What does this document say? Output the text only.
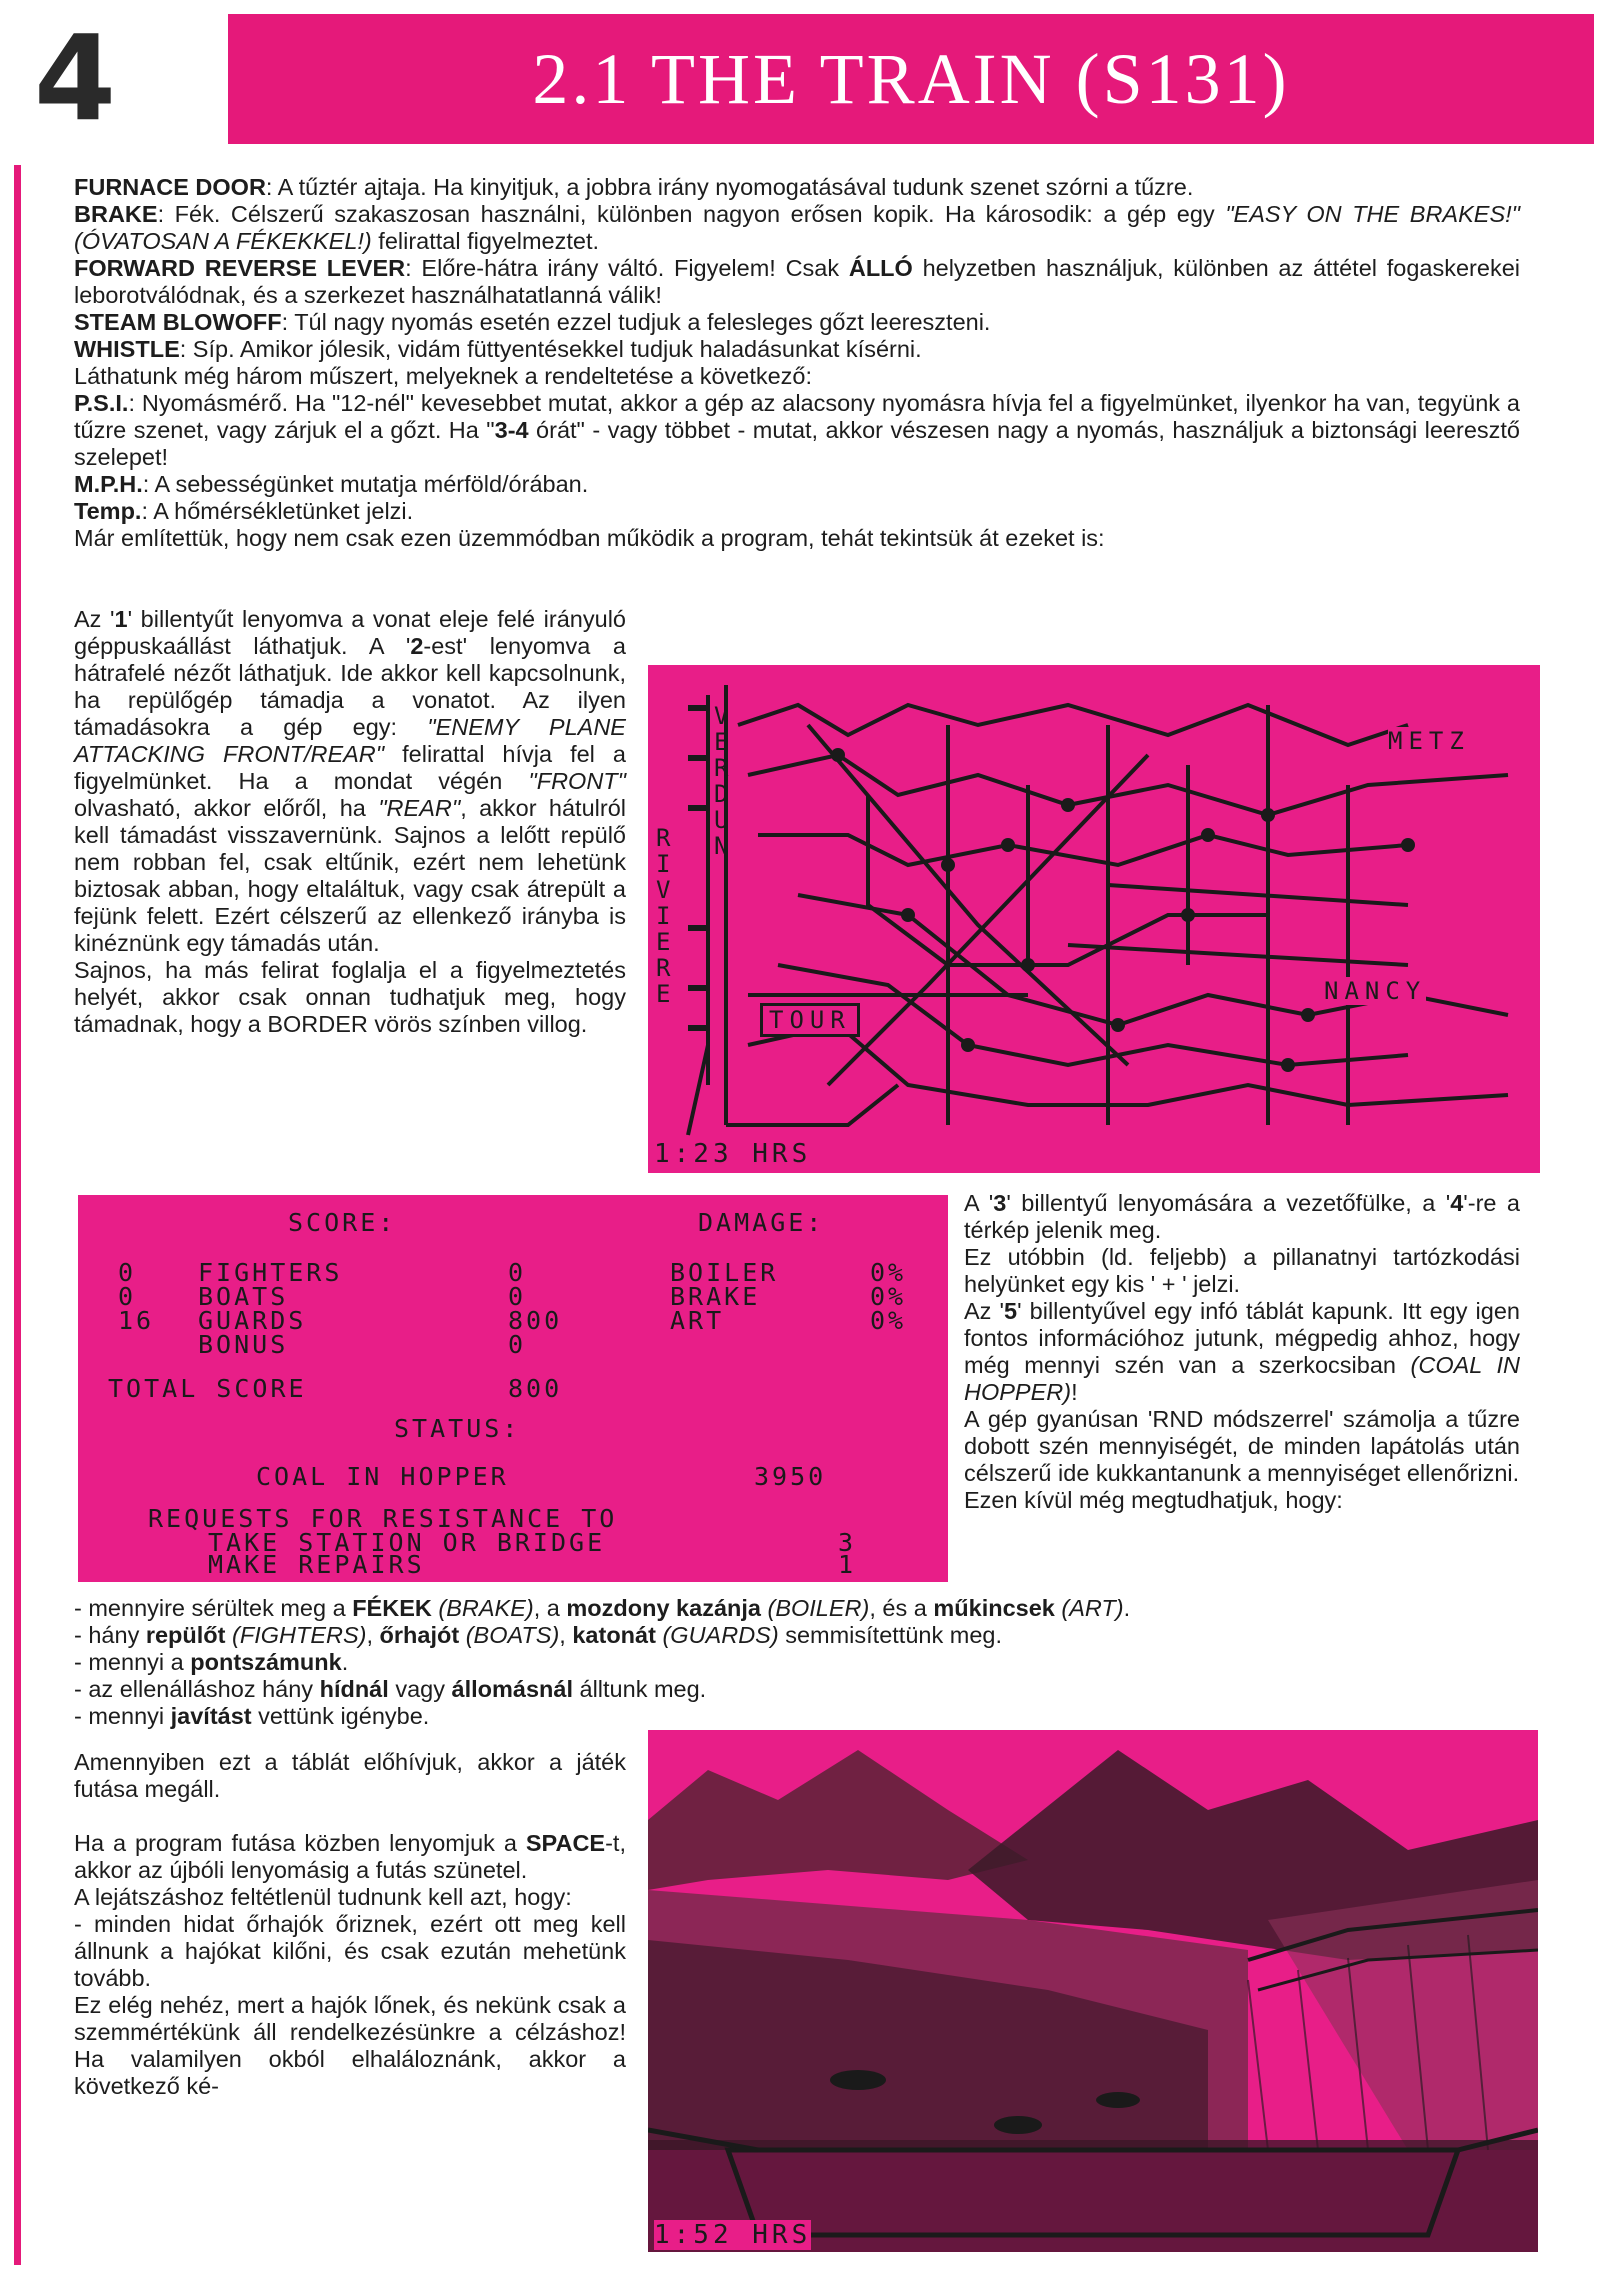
4	2.1 THE TRAIN (S131)

FURNACE DOOR: A tűztér ajtaja. Ha kinyitjuk, a jobbra irány nyomogatásával tudunk szenet szórni a tűzre.

BRAKE: Fék. Célszerű szakaszosan használni, különben nagyon erősen kopik. Ha károsodik: a gép egy "EASY ON THE BRAKES!" (ÓVATOSAN A FÉKEKKEL!) felirattal figyelmeztet.

FORWARD REVERSE LEVER: Előre-hátra irány váltó. Figyelem! Csak ÁLLÓ helyzetben használjuk, különben az áttétel fogaskerekei leborotválódnak, és a szerkezet használhatatlanná válik!

STEAM BLOWOFF: Túl nagy nyomás esetén ezzel tudjuk a felesleges gőzt leereszteni.

WHISTLE: Síp. Amikor jólesik, vidám füttyentésekkel tudjuk haladásunkat kísérni.

Láthatunk még három műszert, melyeknek a rendeltetése a következő:

P.S.I.: Nyomásmérő. Ha "12-nél" kevesebbet mutat, akkor a gép az alacsony nyomásra hívja fel a figyelmünket, ilyenkor ha van, tegyünk a tűzre szenet, vagy zárjuk el a gőzt. Ha "3-4 órát" - vagy többet - mutat, akkor vészesen nagy a nyomás, használjuk a biztonsági leeresztő szelepet!

M.P.H.: A sebességünket mutatja mérföld/órában.

Temp.: A hőmérsékletünket jelzi.

Már említettük, hogy nem csak ezen üzemmódban működik a program, tehát tekintsük át ezeket is:

Az '1' billentyűt lenyomva a vonat eleje felé irányuló géppuskaállást láthatjuk. A '2-est' lenyomva a hátrafelé nézőt láthatjuk. Ide akkor kell kapcsolnunk, ha repülőgép támadja a vonatot. Az ilyen támadásokra a gép egy: "ENEMY PLANE ATTACKING FRONT/REAR" felirattal hívja fel a figyelmünket. Ha a mondat végén "FRONT" olvasható, akkor előről, ha "REAR", akkor hátulról kell támadást visszavernünk. Sajnos a lelőtt repülő nem robban fel, csak eltűnik, ezért nem lehetünk biztosak abban, hogy eltaláltuk, vagy csak átrepült a fejünk felett. Ezért célszerű az ellenkező irányba is kinéznünk egy támadás után.

Sajnos, ha más felirat foglalja el a figyelmeztetés helyét, akkor csak onnan tudhatjuk meg, hogy támadnak, hogy a BORDER vörös színben villog.

VERDUN
RIVIERE
METZ
NANCY
TOUR
1:23 HRS
SCORE:	DAMAGE:
0 FIGHTERS	0
0 BOATS	0
16 GUARDS	800
BONUS	0
BOILER	0%
BRAKE	0%
ART	0%
TOTAL SCORE	800
STATUS:
COAL IN HOPPER	3950
REQUESTS FOR RESISTANCE TO
TAKE STATION OR BRIDGE	3
MAKE REPAIRS	1

A '3' billentyű lenyomására a vezetőfülke, a '4'-re a térkép jelenik meg.

Ez utóbbin (ld. feljebb) a pillanatnyi tartózkodási helyünket egy kis ' + ' jelzi.

Az '5' billentyűvel egy infó táblát kapunk. Itt egy igen fontos információhoz jutunk, mégpedig ahhoz, hogy még mennyi szén van a szerkocsiban (COAL IN HOPPER)!

A gép gyanúsan 'RND módszerrel' számolja a tűzre dobott szén mennyiségét, de minden lapátolás után célszerű ide kukkantanunk a mennyiséget ellenőrizni.

Ezen kívül még megtudhatjuk, hogy:

- mennyire sérültek meg a FÉKEK (BRAKE), a mozdony kazánja (BOILER), és a műkincsek (ART).

- hány repülőt (FIGHTERS), őrhajót (BOATS), katonát (GUARDS) semmisítettünk meg.

- mennyi a pontszámunk.

- az ellenálláshoz hány hídnál vagy állomásnál álltunk meg.

- mennyi javítást vettünk igénybe.

Amennyiben ezt a táblát előhívjuk, akkor a játék futása megáll.

Ha a program futása közben lenyomjuk a SPACE-t, akkor az újbóli lenyomásig a futás szünetel.

A lejátszáshoz feltétlenül tudnunk kell azt, hogy:

- minden hidat őrhajók őriznek, ezért ott meg kell állnunk a hajókat kilőni, és csak ezután mehetünk tovább.

Ez elég nehéz, mert a hajók lőnek, és nekünk csak a szemmértékünk áll rendelkezésünkre a célzáshoz! Ha valamilyen okból elhaláloznánk, akkor a következő ké-

1:52 HRS
